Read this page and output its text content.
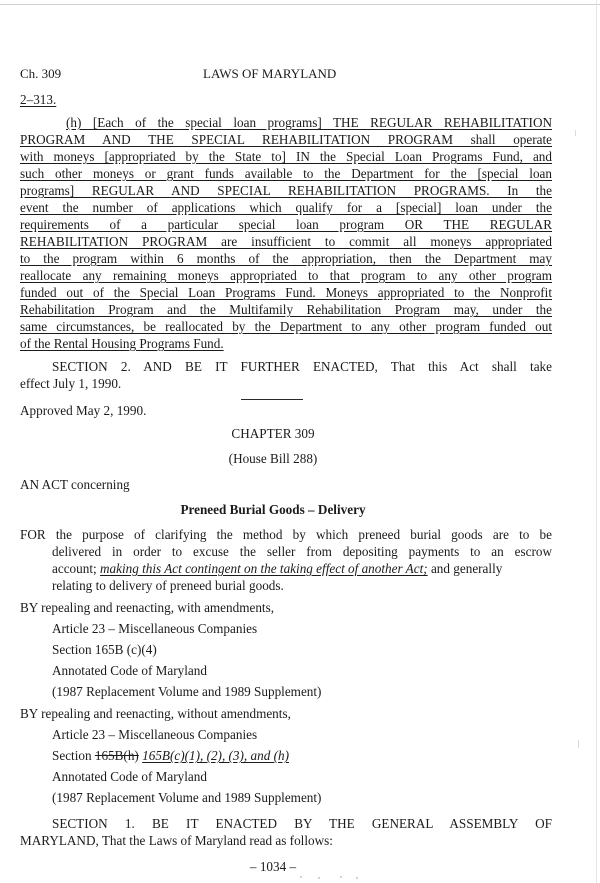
Ch. 309	LAWS OF MARYLAND
2–313.
(h) [Each of the special loan programs] THE REGULAR REHABILITATION
PROGRAM AND THE SPECIAL REHABILITATION PROGRAM shall operate
with moneys [appropriated by the State to] IN the Special Loan Programs Fund, and
such other moneys or grant funds available to the Department for the [special loan
programs] REGULAR AND SPECIAL REHABILITATION PROGRAMS. In the
event the number of applications which qualify for a [special] loan under the
requirements of a particular special loan program OR THE REGULAR
REHABILITATION PROGRAM are insufficient to commit all moneys appropriated
to the program within 6 months of the appropriation, then the Department may
reallocate any remaining moneys appropriated to that program to any other program
funded out of the Special Loan Programs Fund. Moneys appropriated to the Nonprofit
Rehabilitation Program and the Multifamily Rehabilitation Program may, under the
same circumstances, be reallocated by the Department to any other program funded out
of the Rental Housing Programs Fund.
SECTION 2. AND BE IT FURTHER ENACTED, That this Act shall take
effect July 1, 1990.
Approved May 2, 1990.
CHAPTER 309
(House Bill 288)
AN ACT concerning
Preneed Burial Goods – Delivery
FOR the purpose of clarifying the method by which preneed burial goods are to be
delivered in order to excuse the seller from depositing payments to an escrow
account; making this Act contingent on the taking effect of another Act; and generally
relating to delivery of preneed burial goods.
BY repealing and reenacting, with amendments,
Article 23 – Miscellaneous Companies
Section 165B (c)(4)
Annotated Code of Maryland
(1987 Replacement Volume and 1989 Supplement)
BY repealing and reenacting, without amendments,
Article 23 – Miscellaneous Companies
Section 165B(h) 165B(c)(1), (2), (3), and (h)
Annotated Code of Maryland
(1987 Replacement Volume and 1989 Supplement)
SECTION 1. BE IT ENACTED BY THE GENERAL ASSEMBLY OF
MARYLAND, That the Laws of Maryland read as follows:
– 1034 –
